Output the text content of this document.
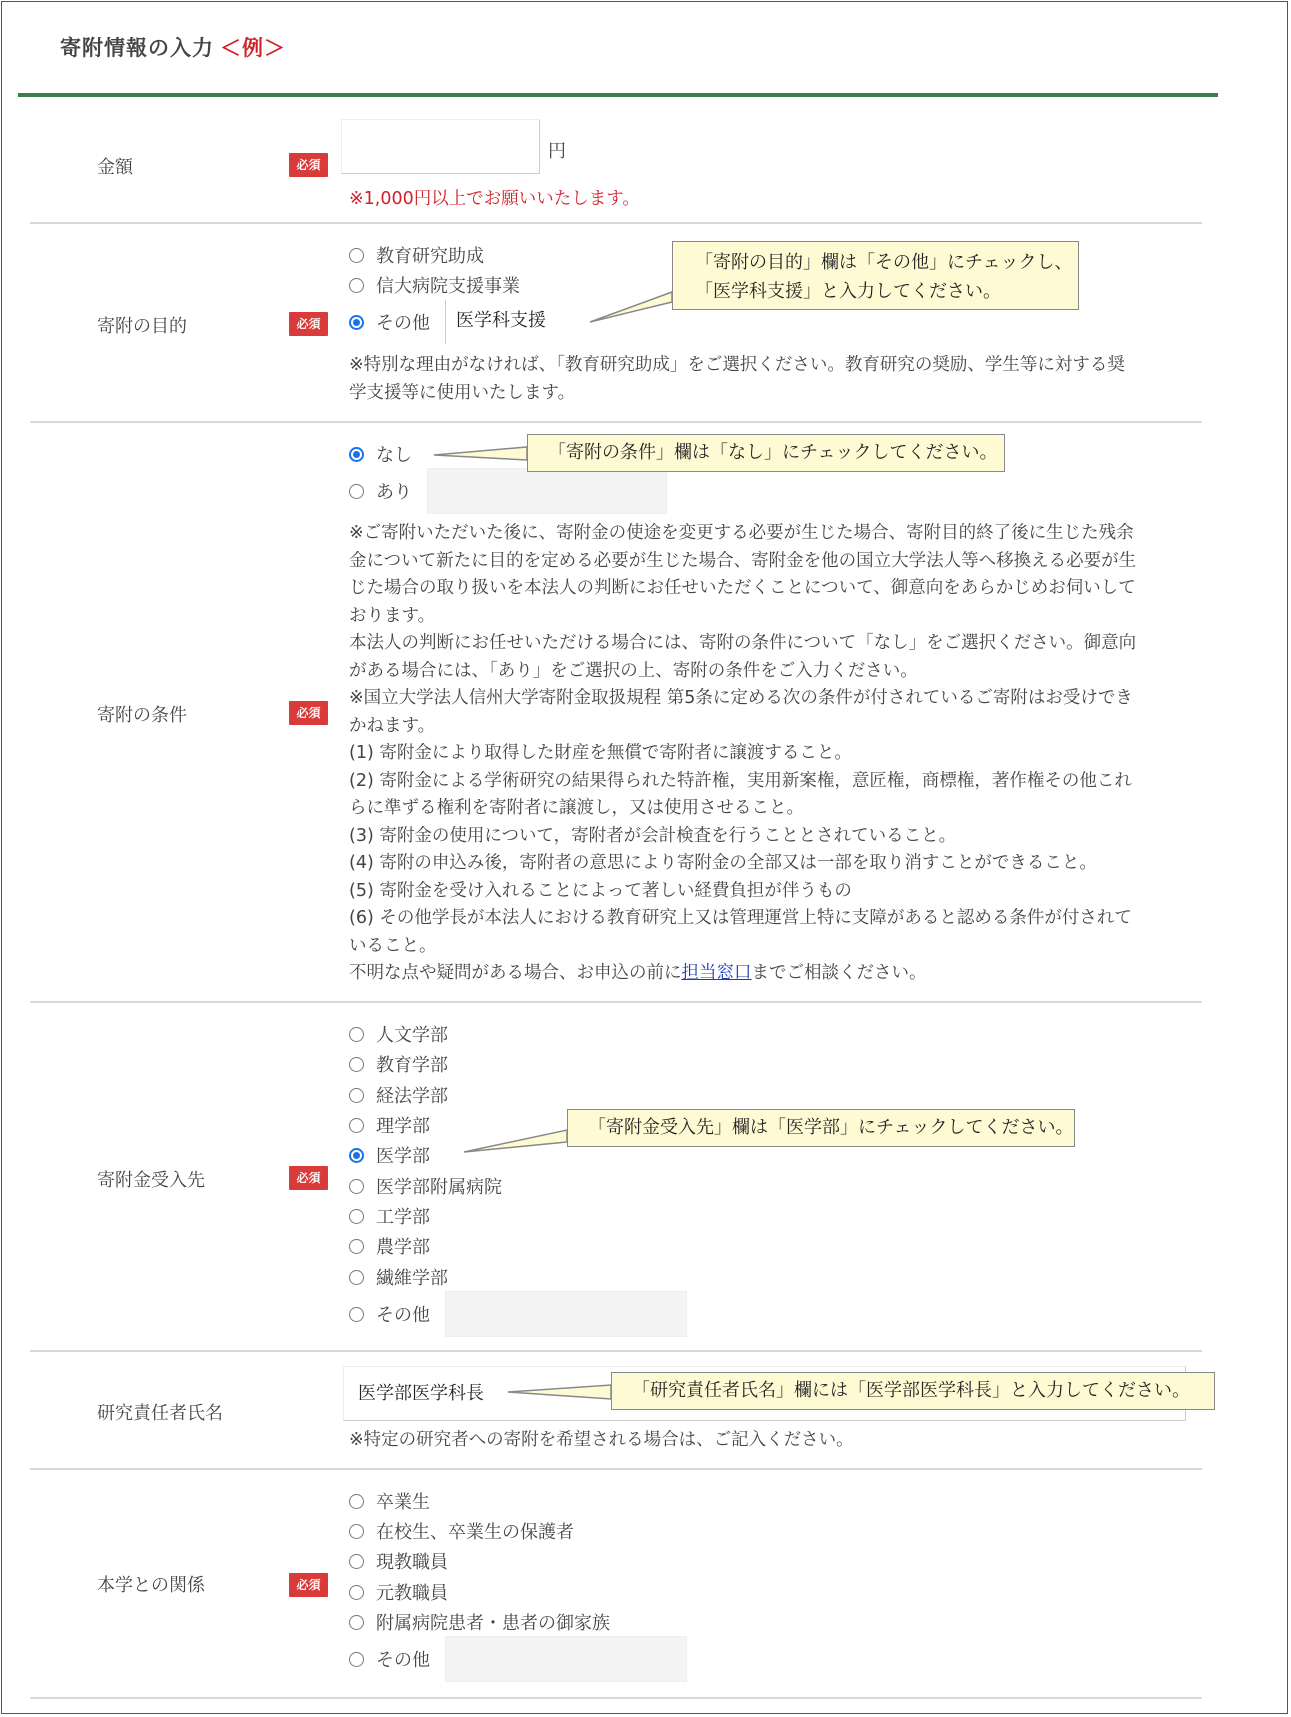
寄附情報の入力 ＜例＞
金額	必須
円
※1,000円以上でお願いいたします。
寄附の目的	必須
教育研究助成
信大病院支援事業
その他	医学科支援
※特別な理由がなければ、「教育研究助成」をご選択ください。教育研究の奨励、学生等に対する奨
学支援等に使用いたします。
「寄附の目的」欄は「その他」にチェックし、
「医学科支援」と入力してください。
寄附の条件	必須
なし
あり
「寄附の条件」欄は「なし」にチェックしてください。
※ご寄附いただいた後に、寄附金の使途を変更する必要が生じた場合、寄附目的終了後に生じた残余
金について新たに目的を定める必要が生じた場合、寄附金を他の国立大学法人等へ移換える必要が生
じた場合の取り扱いを本法人の判断にお任せいただくことについて、御意向をあらかじめお伺いして
おります。
本法人の判断にお任せいただける場合には、寄附の条件について「なし」をご選択ください。御意向
がある場合には、「あり」をご選択の上、寄附の条件をご入力ください。
※国立大学法人信州大学寄附金取扱規程 第5条に定める次の条件が付されているご寄附はお受けでき
かねます。
(1) 寄附金により取得した財産を無償で寄附者に譲渡すること。
(2) 寄附金による学術研究の結果得られた特許権，実用新案権，意匠権，商標権，著作権その他これ
らに準ずる権利を寄附者に譲渡し，又は使用させること。
(3) 寄附金の使用について，寄附者が会計検査を行うこととされていること。
(4) 寄附の申込み後，寄附者の意思により寄附金の全部又は一部を取り消すことができること。
(5) 寄附金を受け入れることによって著しい経費負担が伴うもの
(6) その他学長が本法人における教育研究上又は管理運営上特に支障があると認める条件が付されて
いること。
不明な点や疑問がある場合、お申込の前に担当窓口までご相談ください。
寄附金受入先	必須
人文学部
教育学部
経法学部
理学部
医学部
医学部附属病院
工学部
農学部
繊維学部
その他
「寄附金受入先」欄は「医学部」にチェックしてください。
研究責任者氏名
医学部医学科長	「研究責任者氏名」欄には「医学部医学科長」と入力してください。
※特定の研究者への寄附を希望される場合は、ご記入ください。
本学との関係	必須
卒業生
在校生、卒業生の保護者
現教職員
元教職員
附属病院患者・患者の御家族
その他
